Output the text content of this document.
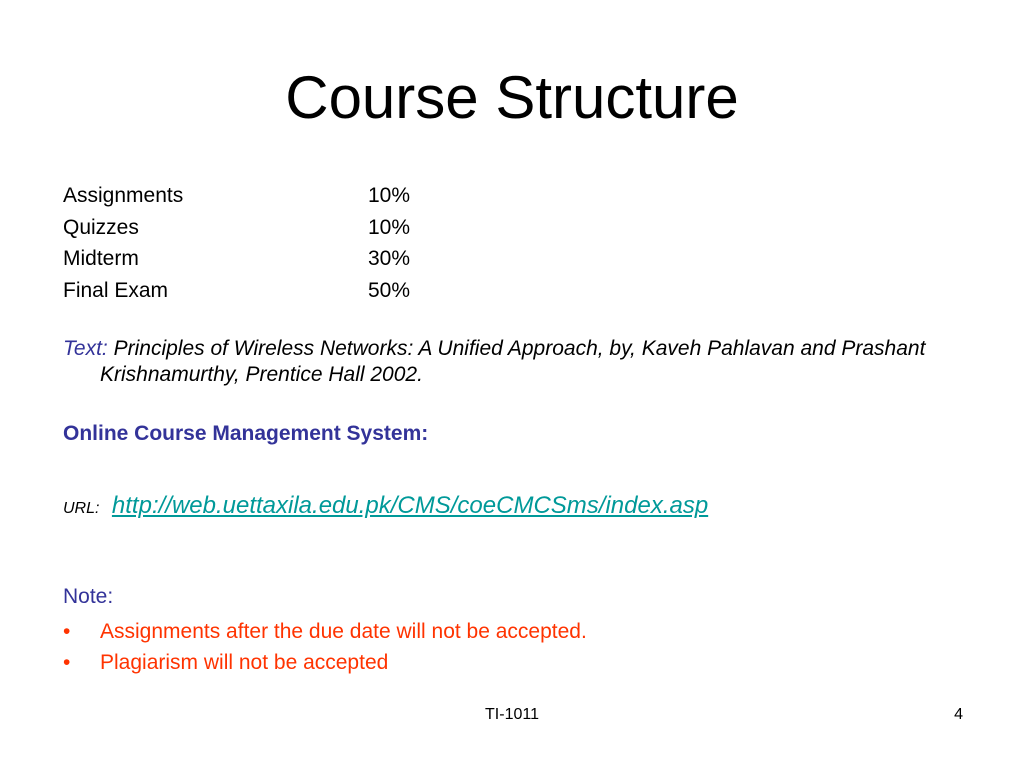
Course Structure
Assignments	10%
Quizzes	10%
Midterm	30%
Final Exam	50%
Text: Principles of Wireless Networks: A Unified Approach, by, Kaveh Pahlavan and Prashant Krishnamurthy, Prentice Hall 2002.
Online Course Management System:
URL: http://web.uettaxila.edu.pk/CMS/coeCMCSms/index.asp
Note:
• Assignments after the due date will not be accepted.
• Plagiarism will not be accepted
TI-1011	4
